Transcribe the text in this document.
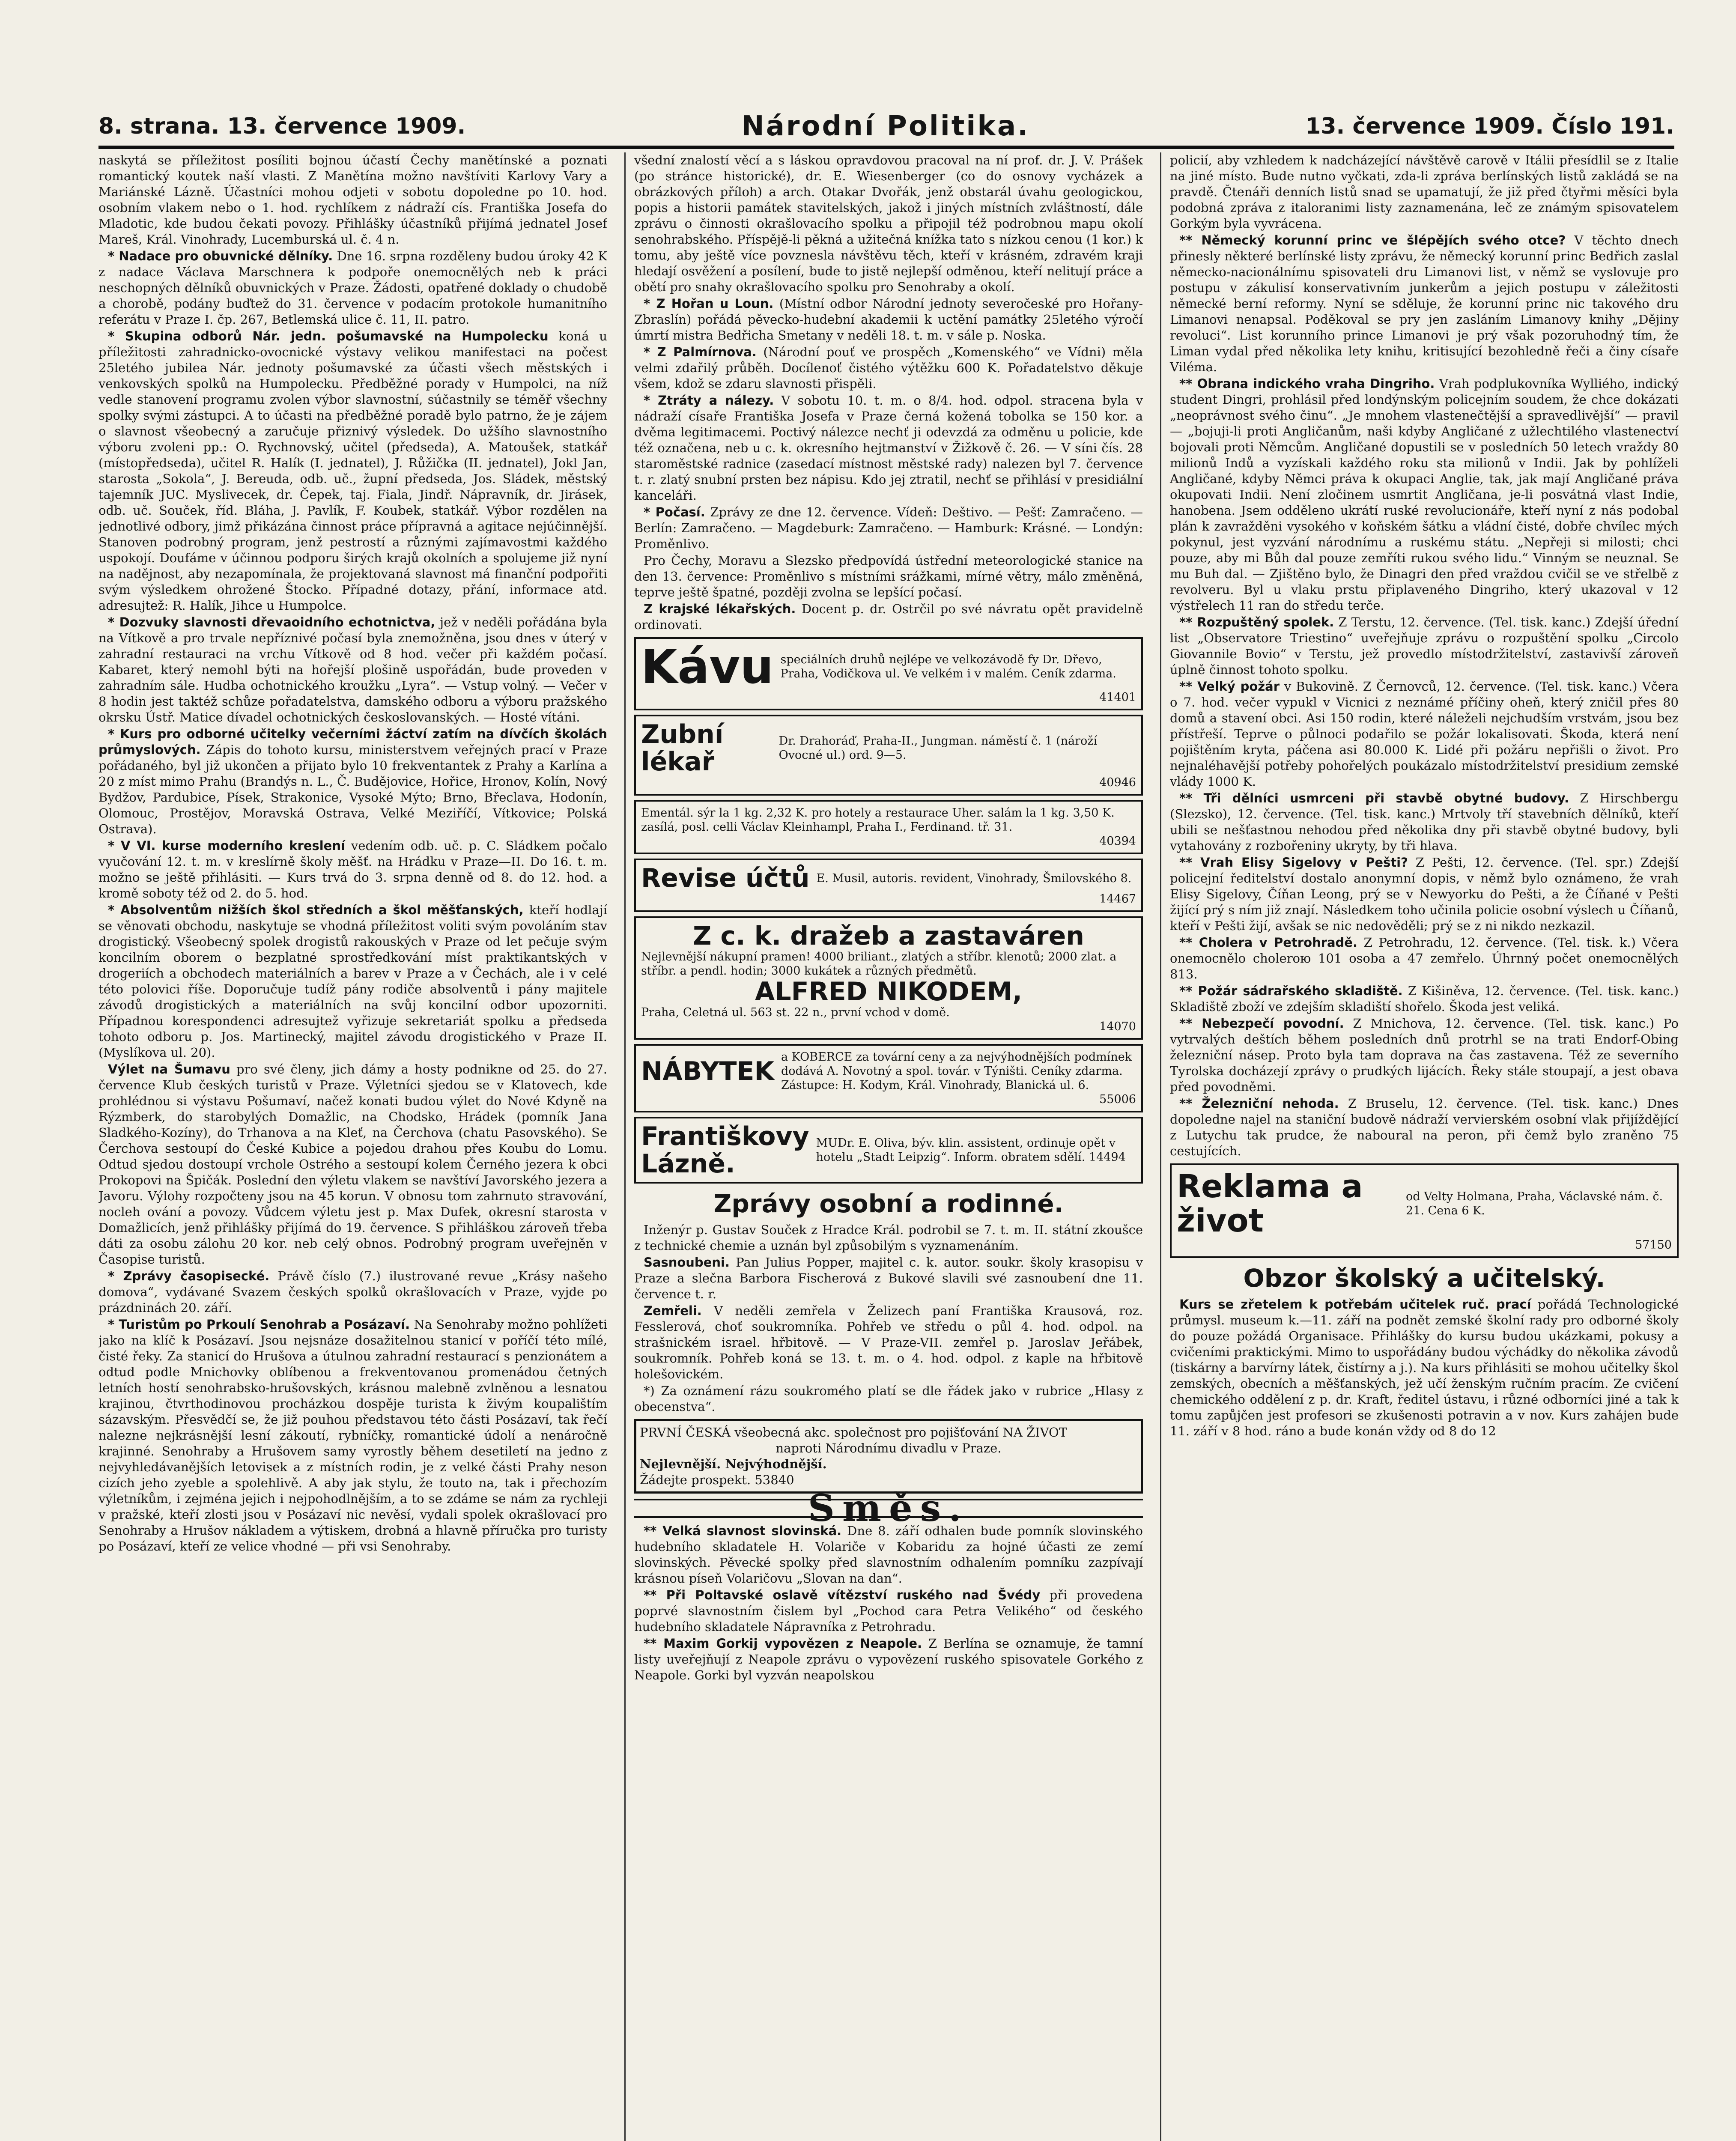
8. strana. 13. července 1909.	Národní Politika.	13. července 1909. Číslo 191.

naskytá se příležitost posíliti bojnou účastí Čechy manětínské a poznati romantický koutek naší vlasti. Z Manětína možno navštíviti Karlovy Vary a Mariánské Lázně. Účastníci mohou odjeti v sobotu dopoledne po 10. hod. osobním vlakem nebo o 1. hod. rychlíkem z nádraží cís. Františka Josefa do Mladotic, kde budou čekati povozy. Přihlášky účastníků přijímá jednatel Josef Mareš, Král. Vinohrady, Lucemburská ul. č. 4 n.

* Nadace pro obuvnické dělníky. Dne 16. srpna rozděleny budou úroky 42 K z nadace Václava Marschnera k podpoře onemocnělých neb k práci neschopných dělníků obuvnických v Praze. Žádosti, opatřené doklady o chudobě a chorobě, podány buďtež do 31. července v podacím protokole humanitního referátu v Praze I. čp. 267, Betlemská ulice č. 11, II. patro.

* Skupina odborů Nár. jedn. pošumavské na Humpolecku koná u příležitosti zahradnicko-ovocnické výstavy velikou manifestaci na počest 25letého jubilea Nár. jednoty pošumavské za účasti všech městských i venkovských spolků na Humpolecku. Předběžné porady v Humpolci, na níž vedle stanovení programu zvolen výbor slavnostní, súčastnily se téměř všechny spolky svými zástupci. A to účasti na předběžné poradě bylo patrno, že je zájem o slavnost všeobecný a zaručuje přiznivý výsledek. Do užšího slavnostního výboru zvoleni pp.: O. Rychnovský, učitel (předseda), A. Matoušek, statkář (místopředseda), učitel R. Halík (I. jednatel), J. Růžička (II. jednatel), Jokl Jan, starosta „Sokola“, J. Bereuda, odb. uč., župní předseda, Jos. Sládek, městský tajemník JUC. Myslivecek, dr. Čepek, taj. Fiala, Jindř. Nápravník, dr. Jirásek, odb. uč. Souček, říd. Bláha, J. Pavlík, F. Koubek, statkář. Výbor rozdělen na jednotlivé odbory, jimž přikázána činnost práce přípravná a agitace nejúčinnější. Stanoven podrobný program, jenž pestrostí a různými zajímavostmi každého uspokojí. Doufáme v účinnou podporu širých krajů okolních a spolujeme již nyní na nadějnost, aby nezapomínala, že projektovaná slavnost má finanční podpořiti svým výsledkem ohrožené Štocko. Případné dotazy, přání, informace atd. adresujtež: R. Halík, Jihce u Humpolce.

* Dozvuky slavnosti dřevaoidního echotnictva, jež v neděli pořádána byla na Vítkově a pro trvale nepříznivé počasí byla znemožněna, jsou dnes v úterý v zahradní restauraci na vrchu Vítkově od 8 hod. večer při každém počasí. Kabaret, který nemohl býti na hořejší plošině uspořádán, bude proveden v zahradním sále. Hudba ochotnického kroužku „Lyra“. — Vstup volný. — Večer v 8 hodin jest taktéž schůze pořadatelstva, damského odboru a výboru pražského okrsku Ústř. Matice dívadel ochotnických českoslovanských. — Hosté vítáni.

* Kurs pro odborné učitelky večerními žáctví zatím na dívčích školách průmyslových. Zápis do tohoto kursu, ministerstvem veřejných prací v Praze pořádaného, byl již ukončen a přijato bylo 10 frekventantek z Prahy a Karlína a 20 z míst mimo Prahu (Brandýs n. L., Č. Budějovice, Hořice, Hronov, Kolín, Nový Bydžov, Pardubice, Písek, Strakonice, Vysoké Mýto; Brno, Břeclava, Hodonín, Olomouc, Prostějov, Moravská Ostrava, Velké Meziříčí, Vítkovice; Polská Ostrava).

* V VI. kurse moderního kreslení vedením odb. uč. p. C. Sládkem počalo vyučování 12. t. m. v kreslírně školy měšť. na Hrádku v Praze—II. Do 16. t. m. možno se ještě přihlásiti. — Kurs trvá do 3. srpna denně od 8. do 12. hod. a kromě soboty též od 2. do 5. hod.

* Absolventům nižších škol středních a škol měšťanských, kteří hodlají se věnovati obchodu, naskytuje se vhodná příležitost voliti svým povoláním stav drogistický. Všeobecný spolek drogistů rakouských v Praze od let pečuje svým koncilním oborem o bezplatné sprostředkování míst praktikantských v drogeriích a obchodech materiálních a barev v Praze a v Čechách, ale i v celé této polovici říše. Doporučuje tudíž pány rodiče absolventů i pány majitele závodů drogistických a materiálních na svůj koncilní odbor upozorniti. Případnou korespondenci adresujtež vyřizuje sekretariát spolku a předseda tohoto odboru p. Jos. Martinecký, majitel závodu drogistického v Praze II. (Myslíkova ul. 20).

Výlet na Šumavu pro své členy, jich dámy a hosty podnikne od 25. do 27. července Klub českých turistů v Praze. Výletníci sjedou se v Klatovech, kde prohlédnou si výstavu Pošumaví, načež konati budou výlet do Nové Kdyně na Rýzmberk, do starobylých Domažlic, na Chodsko, Hrádek (pomník Jana Sladkého-Kozíny), do Trhanova a na Kleť, na Čerchova (chatu Pasovského). Se Čerchova sestoupí do České Kubice a pojedou drahou přes Koubu do Lomu. Odtud sjedou dostoupí vrchole Ostrého a sestoupí kolem Černého jezera k obci Prokopovi na Špičák. Poslední den výletu vlakem se navštíví Javorského jezera a Javoru. Výlohy rozpočteny jsou na 45 korun. V obnosu tom zahrnuto stravování, nocleh ování a povozy. Vůdcem výletu jest p. Max Dufek, okresní starosta v Domažlicích, jenž přihlášky přijímá do 19. července. S přihláškou zároveň třeba dáti za osobu zálohu 20 kor. neb celý obnos. Podrobný program uveřejněn v Časopise turistů.

* Zprávy časopisecké. Právě číslo (7.) ilustrované revue „Krásy našeho domova“, vydávané Svazem českých spolků okrašlovacích v Praze, vyjde po prázdninách 20. září.

* Turistům po Prkoulí Senohrab a Posázaví. Na Senohraby možno pohlížeti jako na klíč k Posázaví. Jsou nejsnáze dosažitelnou stanicí v poříčí této mílé, čisté řeky. Za stanicí do Hrušova a útulnou zahradní restaurací s penzionátem a odtud podle Mnichovky oblíbenou a frekventovanou promenádou četných letních hostí senohrabsko-hrušovských, krásnou malebně zvlněnou a lesnatou krajinou, čtvrthodinovou procházkou dospěje turista k živým koupalištím sázavským. Přesvědčí se, že již pouhou představou této části Posázaví, tak řečí nalezne nejkrásnější lesní zákoutí, rybníčky, romantické údolí a nenáročně krajinné. Senohraby a Hrušovem samy vyrostly během desetiletí na jedno z nejvyhledávanějších letovisek a z místních rodin, je z velké části Prahy neson cizích jeho zyeble a spolehlivě. A aby jak stylu, že touto na, tak i přechozím výletníkům, i zejména jejich i nejpohodlnějším, a to se zdáme se nám za rychleji v pražské, kteří zlosti jsou v Posázaví nic nevěsí, vydali spolek okrašlovací pro Senohraby a Hrušov nákladem a výtiskem, drobná a hlavně příručka pro turisty po Posázaví, kteří ze velice vhodné — při vsi Senohraby.

všední znalostí věcí a s láskou opravdovou pracoval na ní prof. dr. J. V. Prášek (po stránce historické), dr. E. Wiesenberger (co do osnovy vycházek a obrázkových příloh) a arch. Otakar Dvořák, jenž obstarál úvahu geologickou, popis a historii památek stavitelských, jakož i jiných místních zvláštností, dále zprávu o činnosti okrašlovacího spolku a připojil též podrobnou mapu okolí senohrabského. Příspějě-li pěkná a užitečná knížka tato s nízkou cenou (1 kor.) k tomu, aby ještě více povznesla návštěvu těch, kteří v krásném, zdravém kraji hledají osvěžení a posílení, bude to jistě nejlepší odměnou, kteří nelitují práce a obětí pro snahy okrašlovacího spolku pro Senohraby a okolí.

* Z Hořan u Loun. (Místní odbor Národní jednoty severočeské pro Hořany-Zbraslín) pořádá pěvecko-hudební akademii k uctění památky 25letého výročí úmrtí mistra Bedřicha Smetany v neděli 18. t. m. v sále p. Noska.

* Z Palmírnova. (Národní pouť ve prospěch „Komenského“ ve Vídni) měla velmi zdařilý průběh. Docílenoť čistého výtěžku 600 K. Pořadatelstvo děkuje všem, kdož se zdaru slavnosti přispěli.

* Ztráty a nálezy. V sobotu 10. t. m. o 8/4. hod. odpol. stracena byla v nádraží císaře Františka Josefa v Praze černá kožená tobolka se 150 kor. a dvěma legitimacemi. Poctivý nálezce nechť ji odevzdá za odměnu u policie, kde též označena, neb u c. k. okresního hejtmanství v Žižkově č. 26. — V síni čís. 28 staroměstské radnice (zasedací místnost městské rady) nalezen byl 7. července t. r. zlatý snubní prsten bez nápisu. Kdo jej ztratil, nechť se přihlásí v presidiální kanceláři.

* Počasí. Zprávy ze dne 12. července. Vídeň: Deštivo. — Pešť: Zamračeno. — Berlín: Zamračeno. — Magdeburk: Zamračeno. — Hamburk: Krásné. — Londýn: Proměnlivo.

Pro Čechy, Moravu a Slezsko předpovídá ústřední meteorologické stanice na den 13. července: Proměnlivo s místními srážkami, mírné větry, málo změněná, teprve ještě špatné, později zvolna se lepšící počasí.

Z krajské lékařských. Docent p. dr. Ostrčil po své návratu opět pravidelně ordinovati.

Kávu speciálních druhů nejlépe ve velkozávodě fy Dr. Dřevo, Praha, Vodičkova ul. Ve velkém i v malém. Ceník zdarma.
41401
Zubní lékař
Dr. Drahoráď, Praha-II., Jungman. náměstí č. 1 (nároží Ovocné ul.) ord. 9—5.
40946
Ementál. sýr la 1 kg. 2,32 K. pro hotely a restaurace Uher. salám la 1 kg. 3,50 K. zasílá, posl. celli Václav Kleinhampl, Praha I., Ferdinand. tř. 31.
40394
Revise účtů E. Musil, autoris. revident, Vinohrady, Šmilovského 8.
14467
Z c. k. dražeb a zastaváren
Nejlevnější nákupní pramen! 4000 briliant., zlatých a stříbr. klenotů; 2000 zlat. a stříbr. a pendl. hodin; 3000 kukátek a různých předmětů.
ALFRED NIKODEM,
Praha, Celetná ul. 563 st. 22 n., první vchod v domě.
14070
NÁBYTEK a KOBERCE za tovární ceny a za nejvýhodnějších podmínek dodává A. Novotný a spol. továr. v Týništi. Ceníky zdarma. Zástupce: H. Kodym, Král. Vinohrady, Blanická ul. 6.
55006
Františkovy Lázně.
MUDr. E. Oliva, býv. klin. assistent, ordinuje opět v hotelu „Stadt Leipzig“. Inform. obratem sdělí. 14494
Zprávy osobní a rodinné.

Inženýr p. Gustav Souček z Hradce Král. podrobil se 7. t. m. II. státní zkoušce z technické chemie a uznán byl způsobilým s vyznamenáním.

Sasnoubeni. Pan Julius Popper, majitel c. k. autor. soukr. školy krasopisu v Praze a slečna Barbora Fischerová z Bukové slavili své zasnoubení dne 11. července t. r.

Zemřeli. V neděli zemřela v Želizech paní Františka Krausová, roz. Fesslerová, choť soukromníka. Pohřeb ve středu o půl 4. hod. odpol. na strašnickém israel. hřbitově. — V Praze-VII. zemřel p. Jaroslav Jeřábek, soukromník. Pohřeb koná se 13. t. m. o 4. hod. odpol. z kaple na hřbitově holešovickém.

*) Za oznámení rázu soukromého platí se dle řádek jako v rubrice „Hlasy z obecenstva“.

PRVNÍ ČESKÁ všeobecná akc. společnost pro pojišťování NA ŽIVOT
naproti Národnímu divadlu v Praze.
Nejlevnější. Nejvýhodnější.
Žádejte prospekt. 53840
Směs.

** Velká slavnost slovinská. Dne 8. září odhalen bude pomník slovinského hudebního skladatele H. Volariče v Kobaridu za hojné účasti ze zemí slovinských. Pěvecké spolky před slavnostním odhalením pomníku zazpívají krásnou píseň Volaričovu „Slovan na dan“.

** Při Poltavské oslavě vítězství ruského nad Švédy při provedena poprvé slavnostním čislem byl „Pochod cara Petra Velikého“ od českého hudebního skladatele Nápravníka z Petrohradu.

** Maxim Gorkij vypovězen z Neapole. Z Berlína se oznamuje, že tamní listy uveřejňují z Neapole zprávu o vypovězení ruského spisovatele Gorkého z Neapole. Gorki byl vyzván neapolskou

policií, aby vzhledem k nadcházející návštěvě carově v Itálii přesídlil se z Italie na jiné místo. Bude nutno vyčkati, zda-li zpráva berlínských listů zakládá se na pravdě. Čtenáři denních listů snad se upamatují, že již před čtyřmi měsíci byla podobná zpráva z italoranimi listy zaznamenána, leč ze známým spisovatelem Gorkým byla vyvrácena.

** Německý korunní princ ve šlépějích svého otce? V těchto dnech přinesly některé berlínské listy zprávu, že německý korunní princ Bedřich zaslal německo-nacionálnímu spisovateli dru Limanovi list, v němž se vyslovuje pro postupu v zákulisí konservativním junkerům a jejich postupu v záležitosti německé berní reformy. Nyní se sděluje, že korunní princ nic takového dru Limanovi nenapsal. Poděkoval se pry jen zasláním Limanovy knihy „Dějiny revoluci“. List korunního prince Limanovi je prý však pozoruhodný tím, že Liman vydal před několika lety knihu, kritisující bezohledně řeči a činy císaře Viléma.

** Obrana indického vraha Dingriho. Vrah podplukovníka Wylliého, indický student Dingri, prohlásil před londýnským policejním soudem, že chce dokázati „neoprávnost svého činu“. „Je mnohem vlastenečtější a spravedlivější“ — pravil — „bojuji-li proti Angličanům, naši kdyby Angličané z užlechtilého vlastenectví bojovali proti Němcům. Angličané dopustili se v posledních 50 letech vraždy 80 milionů Indů a vyzískali každého roku sta milionů v Indii. Jak by pohlíželi Angličané, kdyby Němci práva k okupaci Anglie, tak, jak mají Angličané práva okupovati Indii. Není zločinem usmrtit Angličana, je-li posvátná vlast Indie, hanobena. Jsem odděleno ukrátí ruské revolucionáře, kteří nyní z nás podobal plán k zavražděni vysokého v koňském šátku a vládní čisté, dobře chvílec mých pokynul, jest vyzvání národnímu a ruskému státu. „Nepřeji si milosti; chci pouze, aby mi Bůh dal pouze zemříti rukou svého lidu.“ Vinným se neuznal. Se mu Buh dal. — Zjištěno bylo, že Dinagri den před vraždou cvičil se ve střelbě z revolveru. Byl u vlaku prstu připlaveného Dingriho, který ukazoval v 12 výstřelech 11 ran do středu terče.

** Rozpuštěný spolek. Z Terstu, 12. července. (Tel. tisk. kanc.) Zdejší úřední list „Observatore Triestino“ uveřejňuje zprávu o rozpuštění spolku „Circolo Giovannile Bovio“ v Terstu, jež provedlo místodržitelství, zastavivší zároveň úplně činnost tohoto spolku.

** Velký požár v Bukovině. Z Černovců, 12. července. (Tel. tisk. kanc.) Včera o 7. hod. večer vypukl v Vicnici z neznámé příčiny oheň, který zničil přes 80 domů a stavení obci. Asi 150 rodin, které náleželi nejchudším vrstvám, jsou bez přístřeší. Teprve o půlnoci podařilo se požár lokalisovati. Škoda, která není pojištěním kryta, páčena asi 80.000 K. Lidé při požáru nepřišli o život. Pro nejnaléhavější potřeby pohořelých poukázalo místodržitelství presidium zemské vlády 1000 K.

** Tři dělníci usmrceni při stavbě obytné budovy. Z Hirschbergu (Slezsko), 12. července. (Tel. tisk. kanc.) Mrtvoly tří stavebních dělníků, kteří ubili se nešťastnou nehodou před několika dny při stavbě obytné budovy, byli vytahovány z rozbořeniny ukryty, by tři hlava.

** Vrah Elisy Sigelovy v Pešti? Z Pešti, 12. července. (Tel. spr.) Zdejší policejní ředitelství dostalo anonymní dopis, v němž bylo oznámeno, že vrah Elisy Sigelovy, Číňan Leong, prý se v Newyorku do Pešti, a že Číňané v Pešti žijící prý s ním již znají. Následkem toho učinila policie osobní výslech u Číňanů, kteří v Pešti žijí, avšak se nic nedověděli; prý se z ni nikdo nezkazil.

** Cholera v Petrohradě. Z Petrohradu, 12. července. (Tel. tisk. k.) Včera onemocnělo choleroю 101 osoba a 47 zemřelo. Úhrnný počet onemocnělých 813.

** Požár sádrařského skladiště. Z Kišiněva, 12. července. (Tel. tisk. kanc.) Skladiště zboží ve zdejším skladiští shořelo. Škoda jest veliká.

** Nebezpečí povodní. Z Mnichova, 12. července. (Tel. tisk. kanc.) Po vytrvalých deštích během posledních dnů protrhl se na trati Endorf-Obing železniční násep. Proto byla tam doprava na čas zastavena. Též ze severního Tyrolska docházejí zprávy o prudkých lijácích. Řeky stále stoupají, a jest obava před povodněmi.

** Železniční nehoda. Z Bruselu, 12. července. (Tel. tisk. kanc.) Dnes dopoledne najel na staniční budově nádraží vervierském osobní vlak přijíždějící z Lutychu tak prudce, že naboural na peron, při čemž bylo zraněno 75 cestujících.

Reklama a život
od Velty Holmana, Praha, Václavské nám. č. 21. Cena 6 K.
57150
Obzor školský a učitelský.

Kurs se zřetelem k potřebám učitelek ruč. prací pořádá Technologické průmysl. museum k.—11. září na podnět zemské školní rady pro odborné školy do pouze požádá Organisace. Přihlášky do kursu budou ukázkami, pokusy a cvičeními praktickými. Mimo to uspořádány budou výchádky do několika závodů (tiskárny a barvírny látek, čistírny a j.). Na kurs přihlásiti se mohou učitelky škol zemských, obecních a měšťanských, jež učí ženským ručním pracím. Ze cvičení chemického oddělení z p. dr. Kraft, ředitel ústavu, i různé odborníci jiné a tak k tomu zapůjčen jest profesori se zkušenosti potravin a v nov. Kurs zahájen bude 11. září v 8 hod. ráno a bude konán vždy od 8 do 12
